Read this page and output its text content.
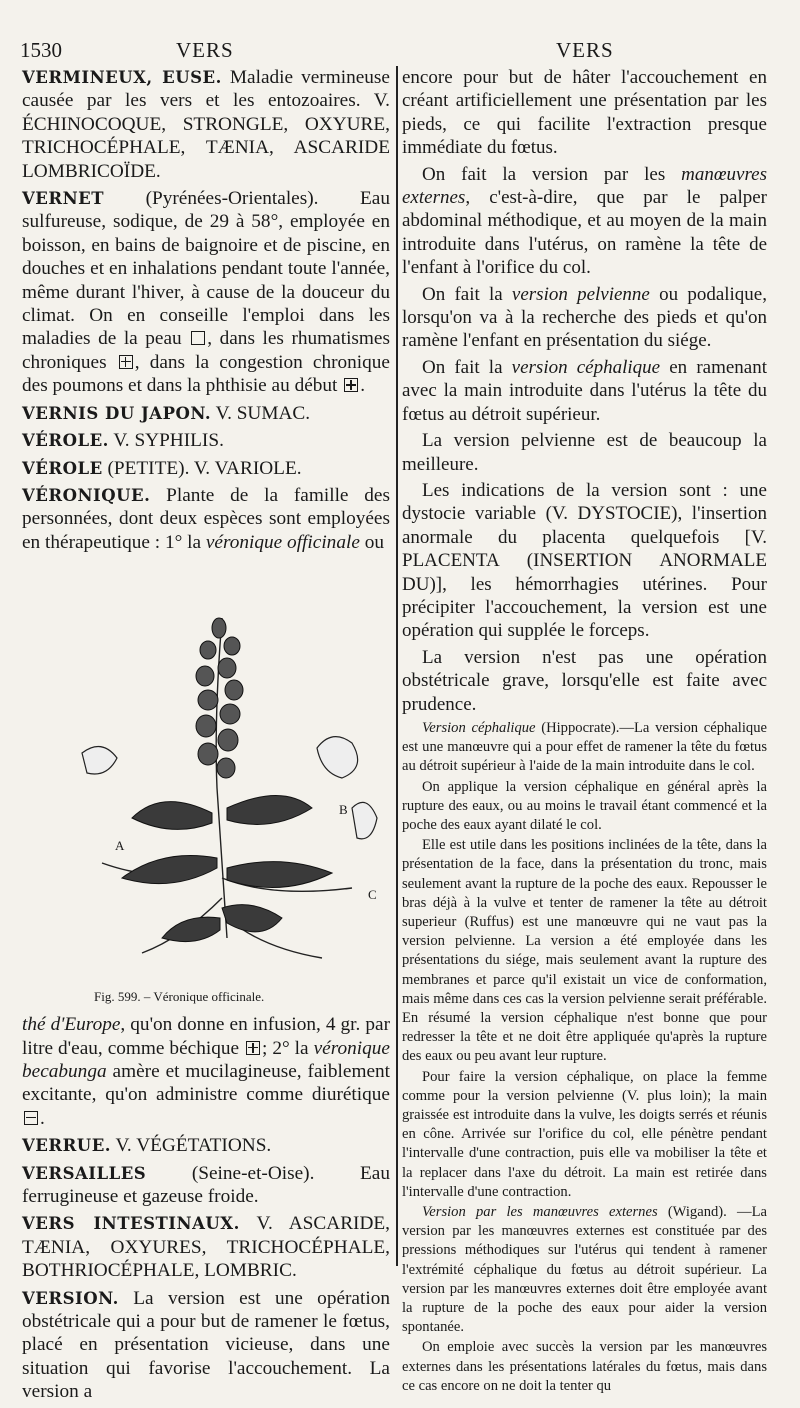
1530	VERS	VERS
VERMINEUX, EUSE. Maladie vermineuse causée par les vers et les entozoaires. V. ÉCHINOCOQUE, STRONGLE, OXYURE, TRICHOCÉPHALE, TÆNIA, ASCARIDE LOMBRICOÏDE.
VERNET (Pyrénées-Orientales). Eau sulfureuse, sodique, de 29 à 58°, employée en boisson, en bains de baignoire et de piscine, en douches et en inhalations pendant toute l'année, même durant l'hiver, à cause de la douceur du climat. On en conseille l'emploi dans les maladies de la peau , dans les rhumatismes chroniques , dans la congestion chronique des poumons et dans la phthisie au début .
VERNIS DU JAPON. V. SUMAC.
VÉROLE. V. SYPHILIS.
VÉROLE (PETITE). V. VARIOLE.
VÉRONIQUE. Plante de la famille des personnées, dont deux espèces sont employées en thérapeutique : 1° la véronique officinale ou
A
B
C
Fig. 599. – Véronique officinale.
thé d'Europe, qu'on donne en infusion, 4 gr. par litre d'eau, comme béchique ; 2° la véronique becabunga amère et mucilagineuse, faiblement excitante, qu'on administre comme diurétique .
VERRUE. V. VÉGÉTATIONS.
VERSAILLES (Seine-et-Oise). Eau ferrugineuse et gazeuse froide.
VERS INTESTINAUX. V. ASCARIDE, TÆNIA, OXYURES, TRICHOCÉPHALE, BOTHRIOCÉPHALE, LOMBRIC.
VERSION. La version est une opération obstétricale qui a pour but de ramener le fœtus, placé en présentation vicieuse, dans une situation qui favorise l'accouchement. La version a

encore pour but de hâter l'accouchement en créant artificiellement une présentation par les pieds, ce qui facilite l'extraction presque immédiate du fœtus.

On fait la version par les manœuvres externes, c'est-à-dire, que par le palper abdominal méthodique, et au moyen de la main introduite dans l'utérus, on ramène la tête de l'enfant à l'orifice du col.

On fait la version pelvienne ou podalique, lorsqu'on va à la recherche des pieds et qu'on ramène l'enfant en présentation du siége.

On fait la version céphalique en ramenant avec la main introduite dans l'utérus la tête du fœtus au détroit supérieur.

La version pelvienne est de beaucoup la meilleure.

Les indications de la version sont : une dystocie variable (V. DYSTOCIE), l'insertion anormale du placenta quelquefois [V. PLACENTA (INSERTION ANORMALE DU)], les hémorrhagies utérines. Pour précipiter l'accouchement, la version est une opération qui supplée le forceps.

La version n'est pas une opération obstétricale grave, lorsqu'elle est faite avec prudence.

Version céphalique (Hippocrate).—La version céphalique est une manœuvre qui a pour effet de ramener la tête du fœtus au détroit supérieur à l'aide de la main introduite dans le col.

On applique la version céphalique en général après la rupture des eaux, ou au moins le travail étant commencé et la poche des eaux ayant dilaté le col.

Elle est utile dans les positions inclinées de la tête, dans la présentation de la face, dans la présentation du tronc, mais seulement avant la rupture de la poche des eaux. Repousser le bras déjà à la vulve et tenter de ramener la tête au détroit superieur (Ruffus) est une manœuvre qui ne vaut pas la version pelvienne. La version a été employée dans les présentations du siége, mais seulement avant la rupture des membranes et parce qu'il existait un vice de conformation, mais même dans ces cas la version pelvienne serait préférable. En résumé la version céphalique n'est bonne que pour redresser la tête et ne doit être appliquée qu'après la rupture des eaux ou peu avant leur rupture.

Pour faire la version céphalique, on place la femme comme pour la version pelvienne (V. plus loin); la main graissée est introduite dans la vulve, les doigts serrés et réunis en cône. Arrivée sur l'orifice du col, elle pénètre pendant l'intervalle d'une contraction, puis elle va mobiliser la tête et la replacer dans l'axe du détroit. La main est retirée dans l'intervalle d'une contraction.

Version par les manœuvres externes (Wigand). —La version par les manœuvres externes est constituée par des pressions méthodiques sur l'utérus qui tendent à ramener l'extrémité céphalique du fœtus au détroit supérieur. La version par les manœuvres externes doit être employée avant la rupture de la poche des eaux pour aider la version spontanée.

On emploie avec succès la version par les manœuvres externes dans les présentations latérales du fœtus, mais dans ce cas encore on ne doit la tenter qu
